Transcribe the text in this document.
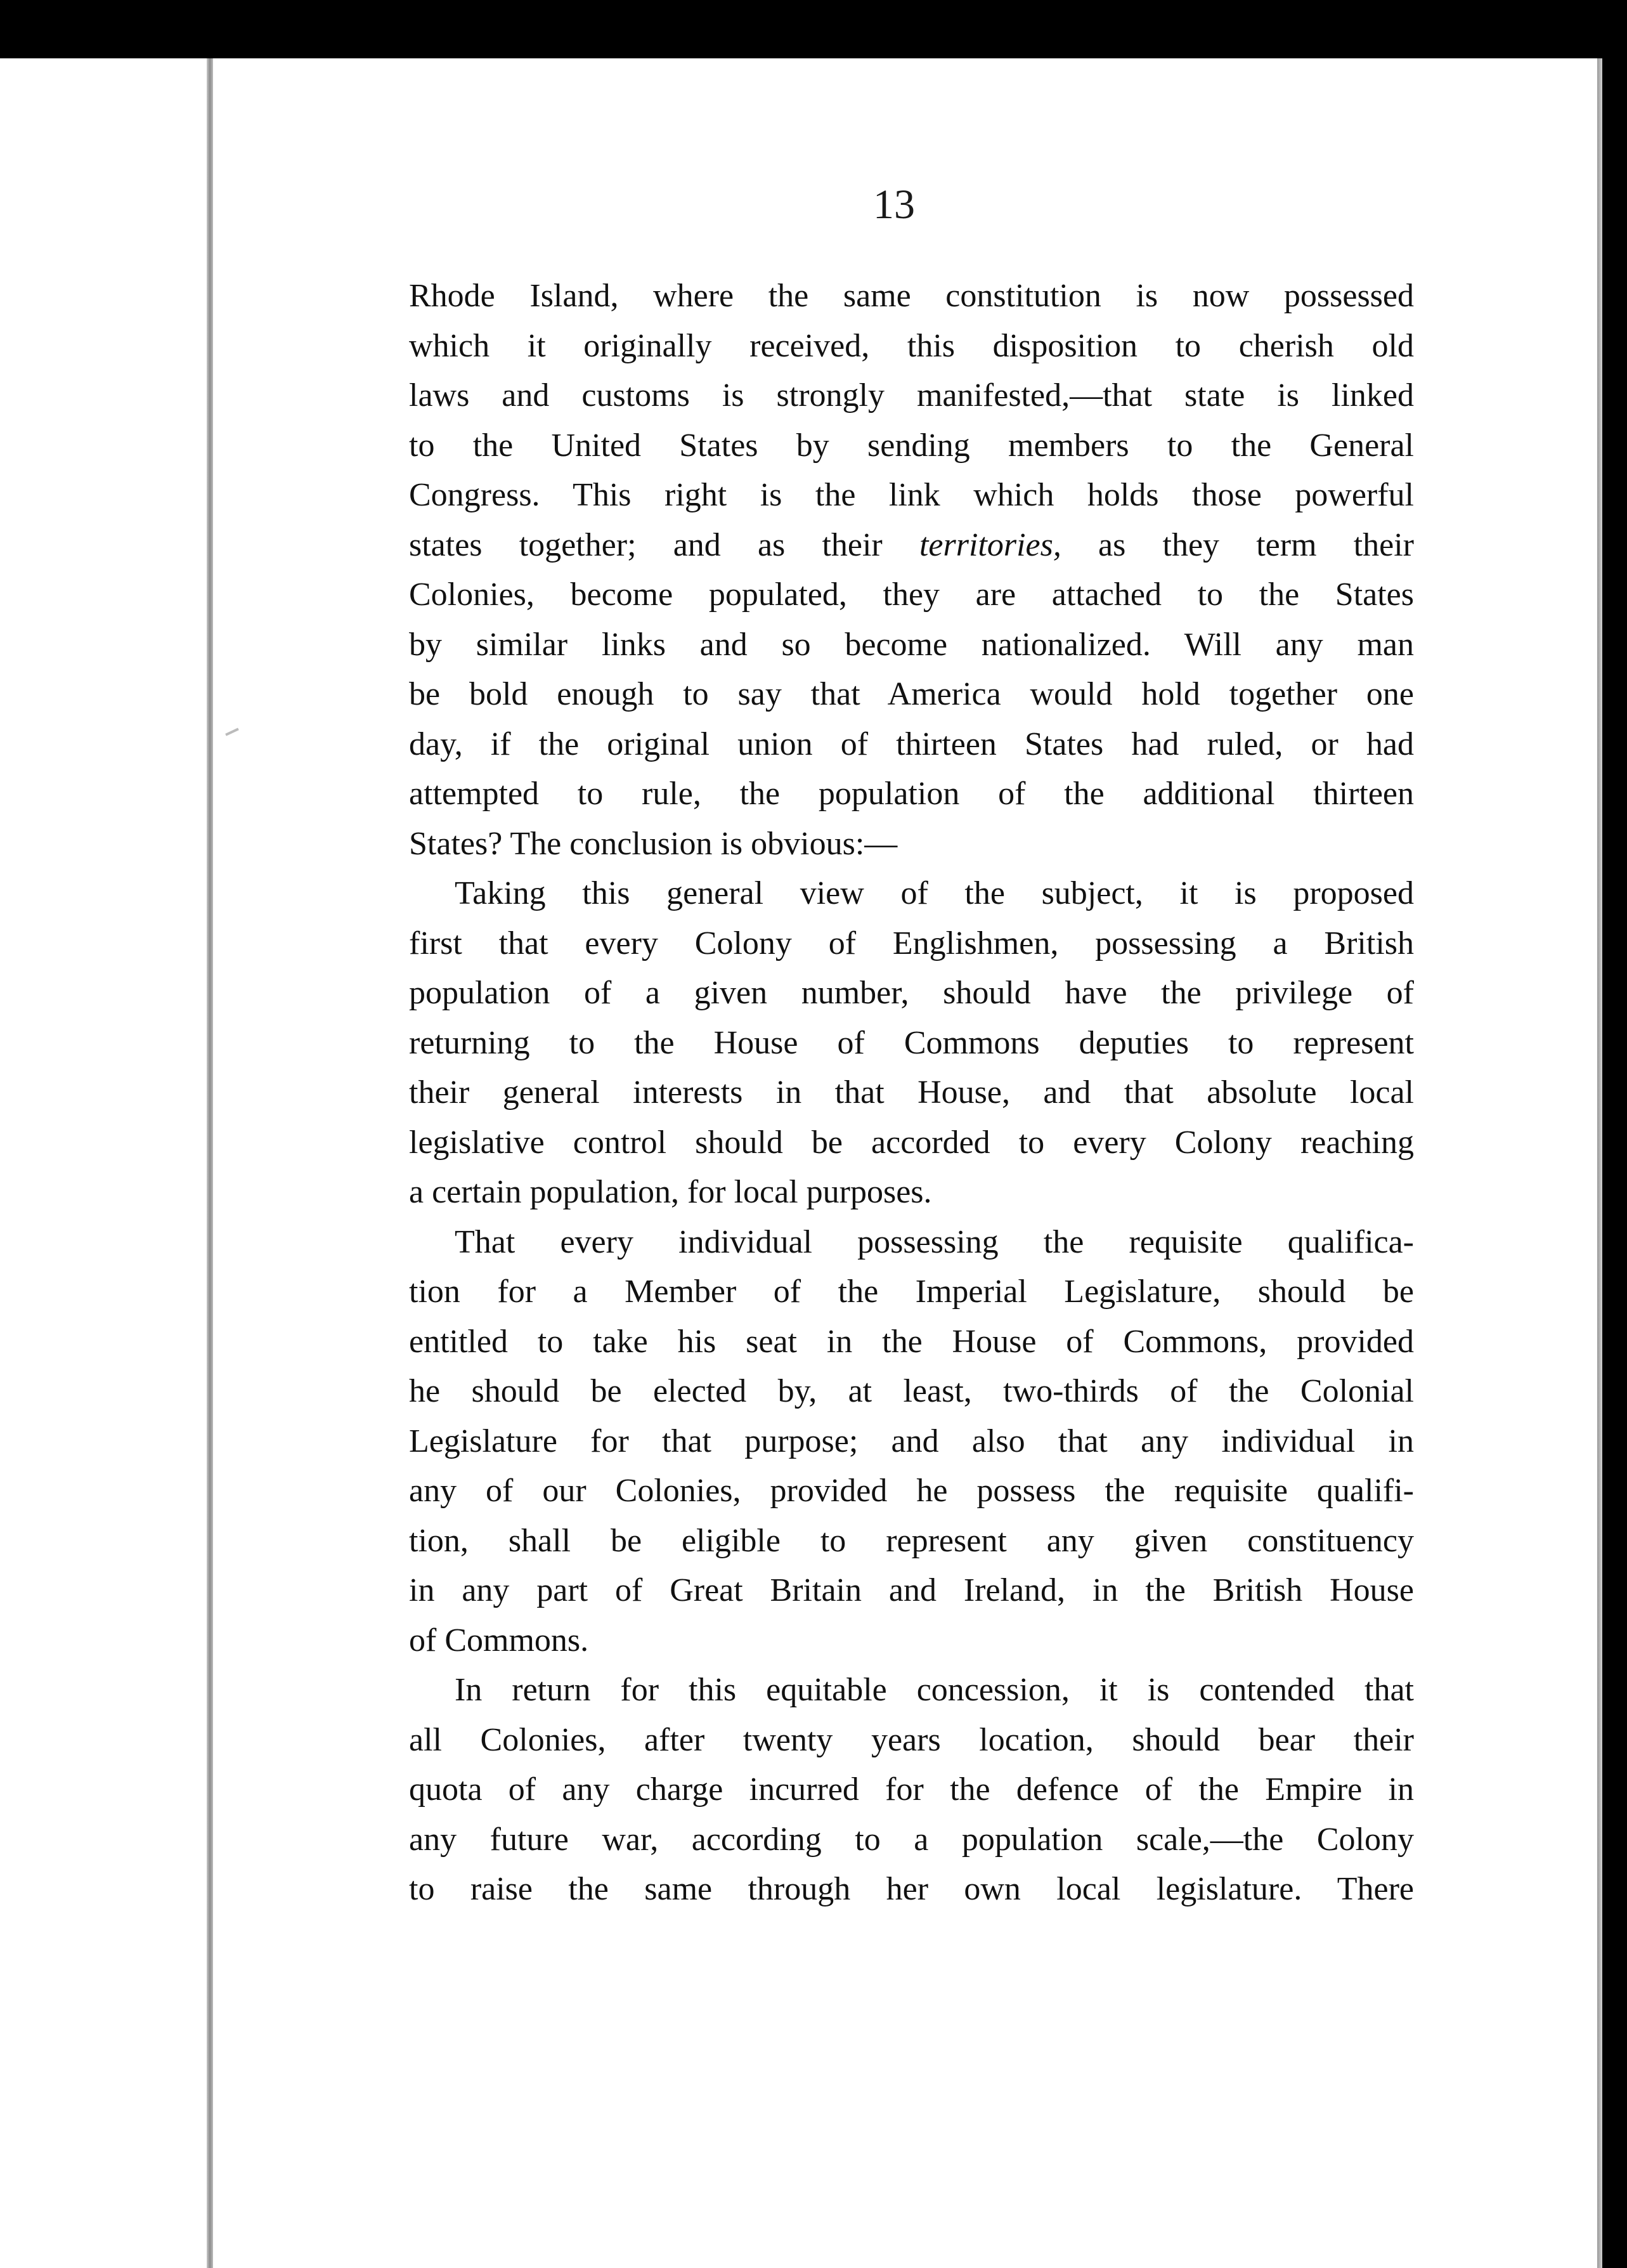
13
Rhode Island, where the same constitution is now possessed
which it originally received, this disposition to cherish old
laws and customs is strongly manifested,—that state is linked
to the United States by sending members to the General
Congress. This right is the link which holds those powerful
states together; and as their territories, as they term their
Colonies, become populated, they are attached to the States
by similar links and so become nationalized. Will any man
be bold enough to say that America would hold together one
day, if the original union of thirteen States had ruled, or had
attempted to rule, the population of the additional thirteen
States? The conclusion is obvious:—
Taking this general view of the subject, it is proposed
first that every Colony of Englishmen, possessing a British
population of a given number, should have the privilege of
returning to the House of Commons deputies to represent
their general interests in that House, and that absolute local
legislative control should be accorded to every Colony reaching
a certain population, for local purposes.
That every individual possessing the requisite qualifica-
tion for a Member of the Imperial Legislature, should be
entitled to take his seat in the House of Commons, provided
he should be elected by, at least, two-thirds of the Colonial
Legislature for that purpose; and also that any individual in
any of our Colonies, provided he possess the requisite qualifi-
tion, shall be eligible to represent any given constituency
in any part of Great Britain and Ireland, in the British House
of Commons.
In return for this equitable concession, it is contended that
all Colonies, after twenty years location, should bear their
quota of any charge incurred for the defence of the Empire in
any future war, according to a population scale,—the Colony
to raise the same through her own local legislature. There
